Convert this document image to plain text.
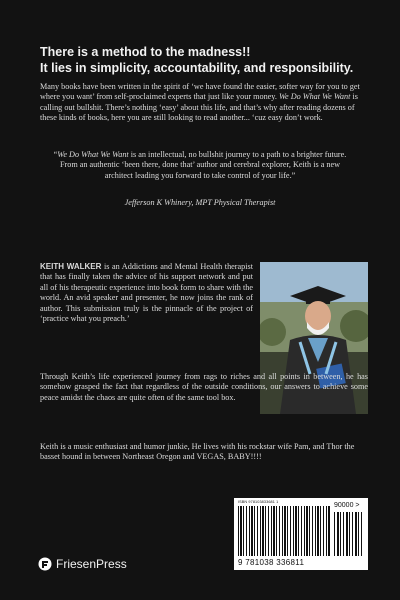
There is a method to the madness!!
It lies in simplicity, accountability, and responsibility.
Many books have been written in the spirit of ‘we have found the easier, softer way for you to get where you want’ from self-proclaimed experts that just like your money. We Do What We Want is calling out bullshit. There’s nothing ‘easy’ about this life, and that’s why after reading dozens of these kinds of books, here you are still looking to read another... ‘cuz easy don’t work.
“We Do What We Want is an intellectual, no bullshit journey to a path to a brighter future. From an authentic ‘been there, done that’ author and cerebral explorer, Keith is a new architect leading you forward to take control of your life.”
Jefferson K Whinery, MPT Physical Therapist
KEITH WALKER is an Addictions and Mental Health therapist that has finally taken the advice of his support network and put all of his therapeutic experience into book form to share with the world. An avid speaker and presenter, he now joins the rank of author. This submission truly is the pinnacle of the project of ‘practice what you preach.’
Through Keith’s life experienced journey from rags to riches and all points in between, he has somehow grasped the fact that regardless of the outside conditions, our answers to achieve some peace amidst the chaos are quite often of the same tool box.
Keith is a music enthusiast and humor junkie, He lives with his rockstar wife Pam, and Thor the basset hound in between Northeast Oregon and VEGAS, BABY!!!!
ISBN 978103833681 1	90000 >
9 781038 336811
FriesenPress
